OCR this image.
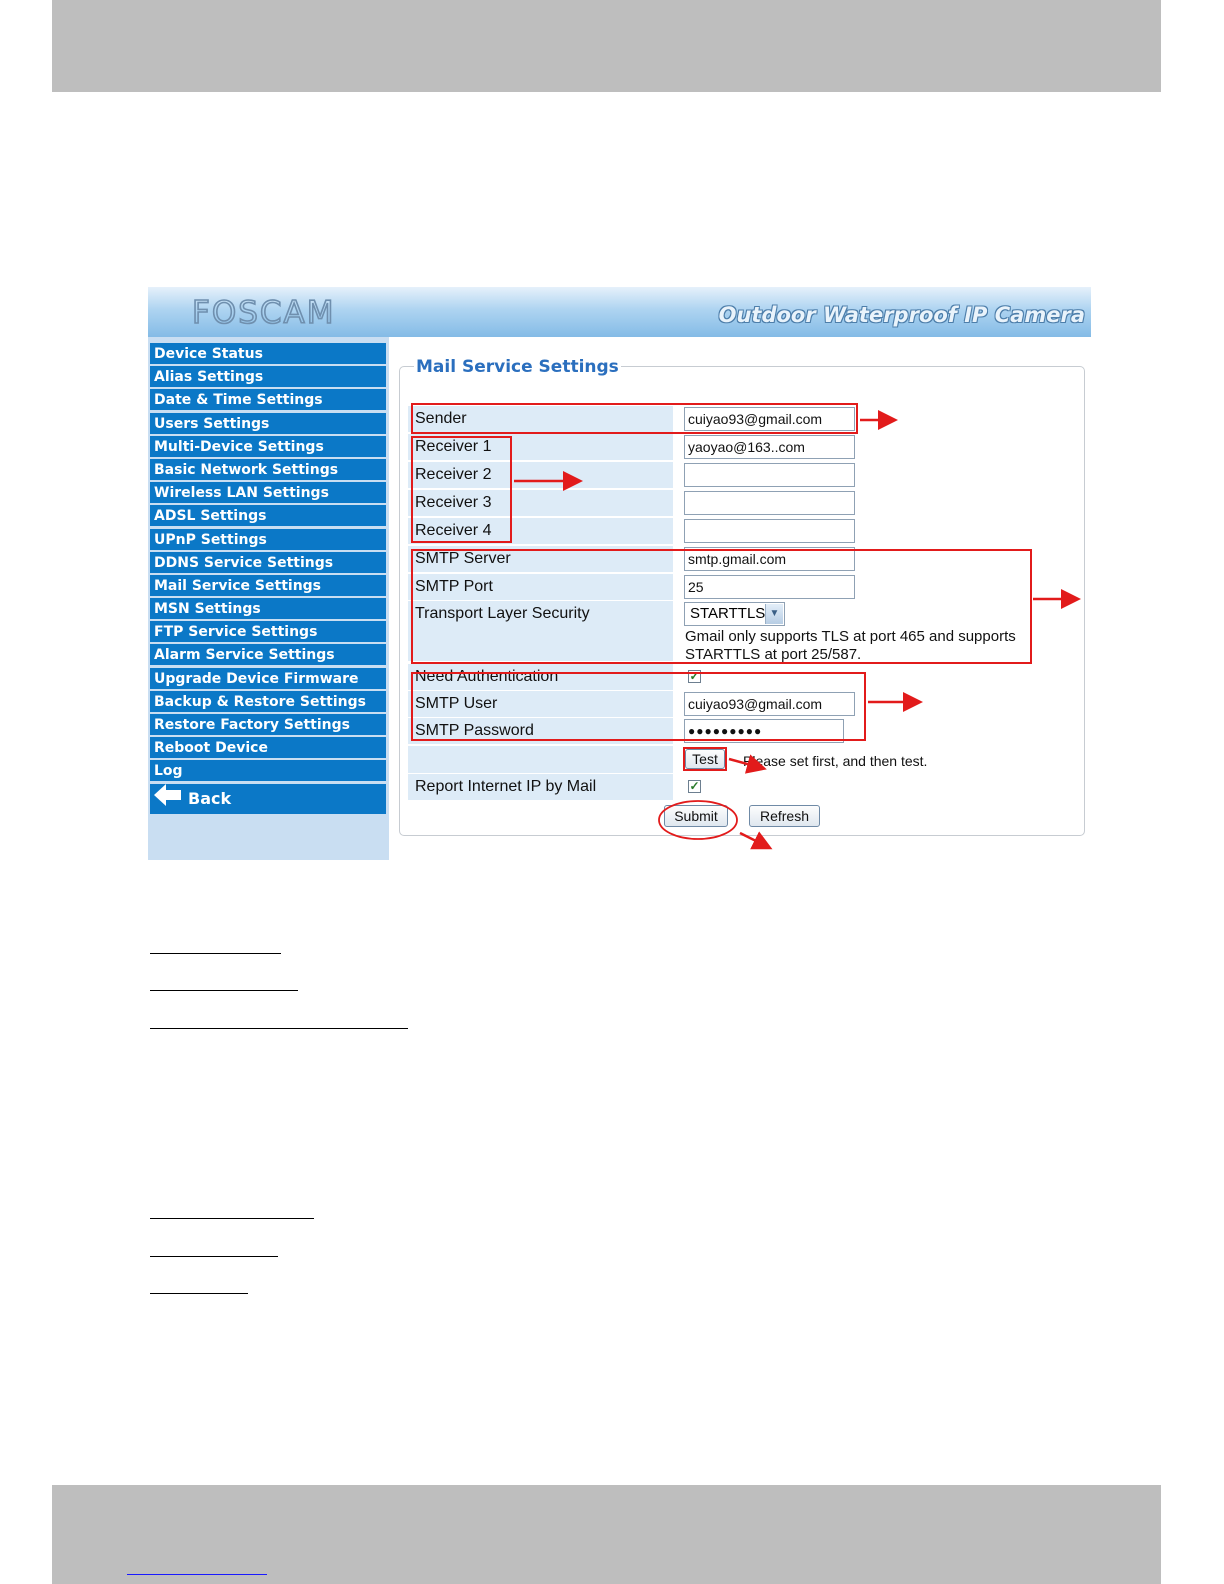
FOSCAM	Outdoor Waterproof IP Camera
Device Status
Alias Settings
Date & Time Settings
Users Settings
Multi-Device Settings
Basic Network Settings
Wireless LAN Settings
ADSL Settings
UPnP Settings
DDNS Service Settings
Mail Service Settings
MSN Settings
FTP Service Settings
Alarm Service Settings
Upgrade Device Firmware
Backup & Restore Settings
Restore Factory Settings
Reboot Device
Log
Back
Mail Service Settings
Sender	cuiyao93@gmail.com
Receiver 1	yaoyao@163..com
Receiver 2
Receiver 3
Receiver 4
SMTP Server	smtp.gmail.com
SMTP Port	25
Transport Layer Security	STARTTLS ▼
Gmail only supports TLS at port 465 and supports
STARTTLS at port 25/587.
Need Authentication	✓
SMTP User	cuiyao93@gmail.com
SMTP Password	●●●●●●●●●
Test	Please set first, and then test.
Report Internet IP by Mail	✓
Submit	Refresh
